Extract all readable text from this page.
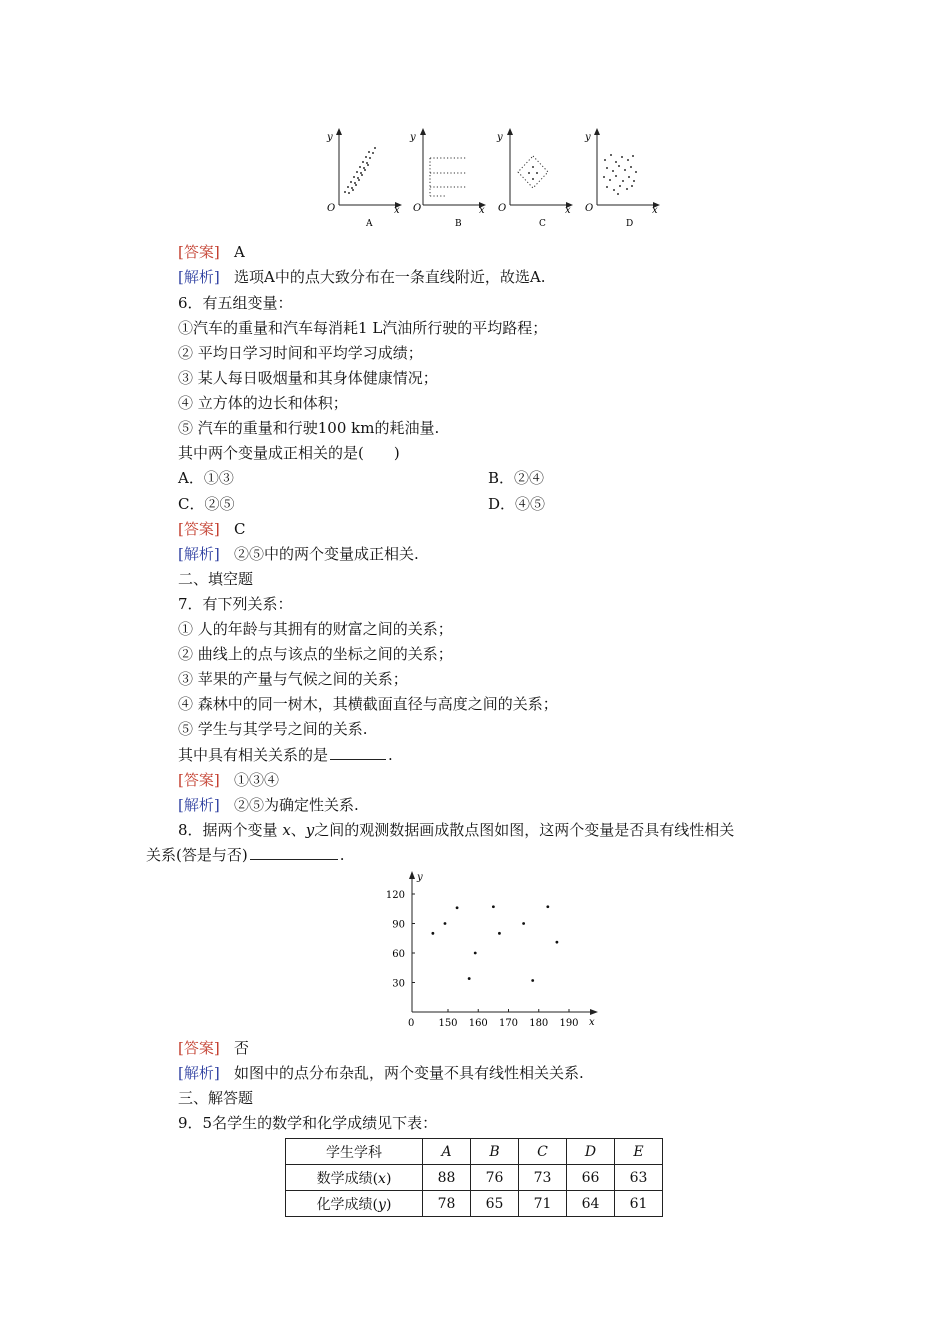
y
O	x
A
y
O	x
B
y
O	x
C
y
O	x
D
[答案] A
[解析] 选项A中的点大致分布在一条直线附近，故选A.
6．有五组变量：
①汽车的重量和汽车每消耗1 L汽油所行驶的平均路程；
② 平均日学习时间和平均学习成绩；
③ 某人每日吸烟量和其身体健康情况；
④ 立方体的边长和体积；
⑤ 汽车的重量和行驶100 km的耗油量.
其中两个变量成正相关的是(　　)
A．①③	B．②④
C．②⑤	D．④⑤
[答案] C
[解析] ②⑤中的两个变量成正相关.
二、填空题
7．有下列关系：
① 人的年龄与其拥有的财富之间的关系；
② 曲线上的点与该点的坐标之间的关系；
③ 苹果的产量与气候之间的关系；
④ 森林中的同一树木，其横截面直径与高度之间的关系；
⑤ 学生与其学号之间的关系.
其中具有相关关系的是	.
[答案] ①③④
[解析] ②⑤为确定性关系.
8．据两个变量 x、y之间的观测数据画成散点图如图，这两个变量是否具有线性相关
关系(答是与否)	.
y
x
0 150 160 170 180 190
30
60
90
120
[答案] 否
[解析] 如图中的点分布杂乱，两个变量不具有线性相关关系.
三、解答题
9．5名学生的数学和化学成绩见下表：
学生学科	A	B	C	D	E
数学成绩(x)	88	76	73	66	63
化学成绩(y)	78	65	71	64	61
